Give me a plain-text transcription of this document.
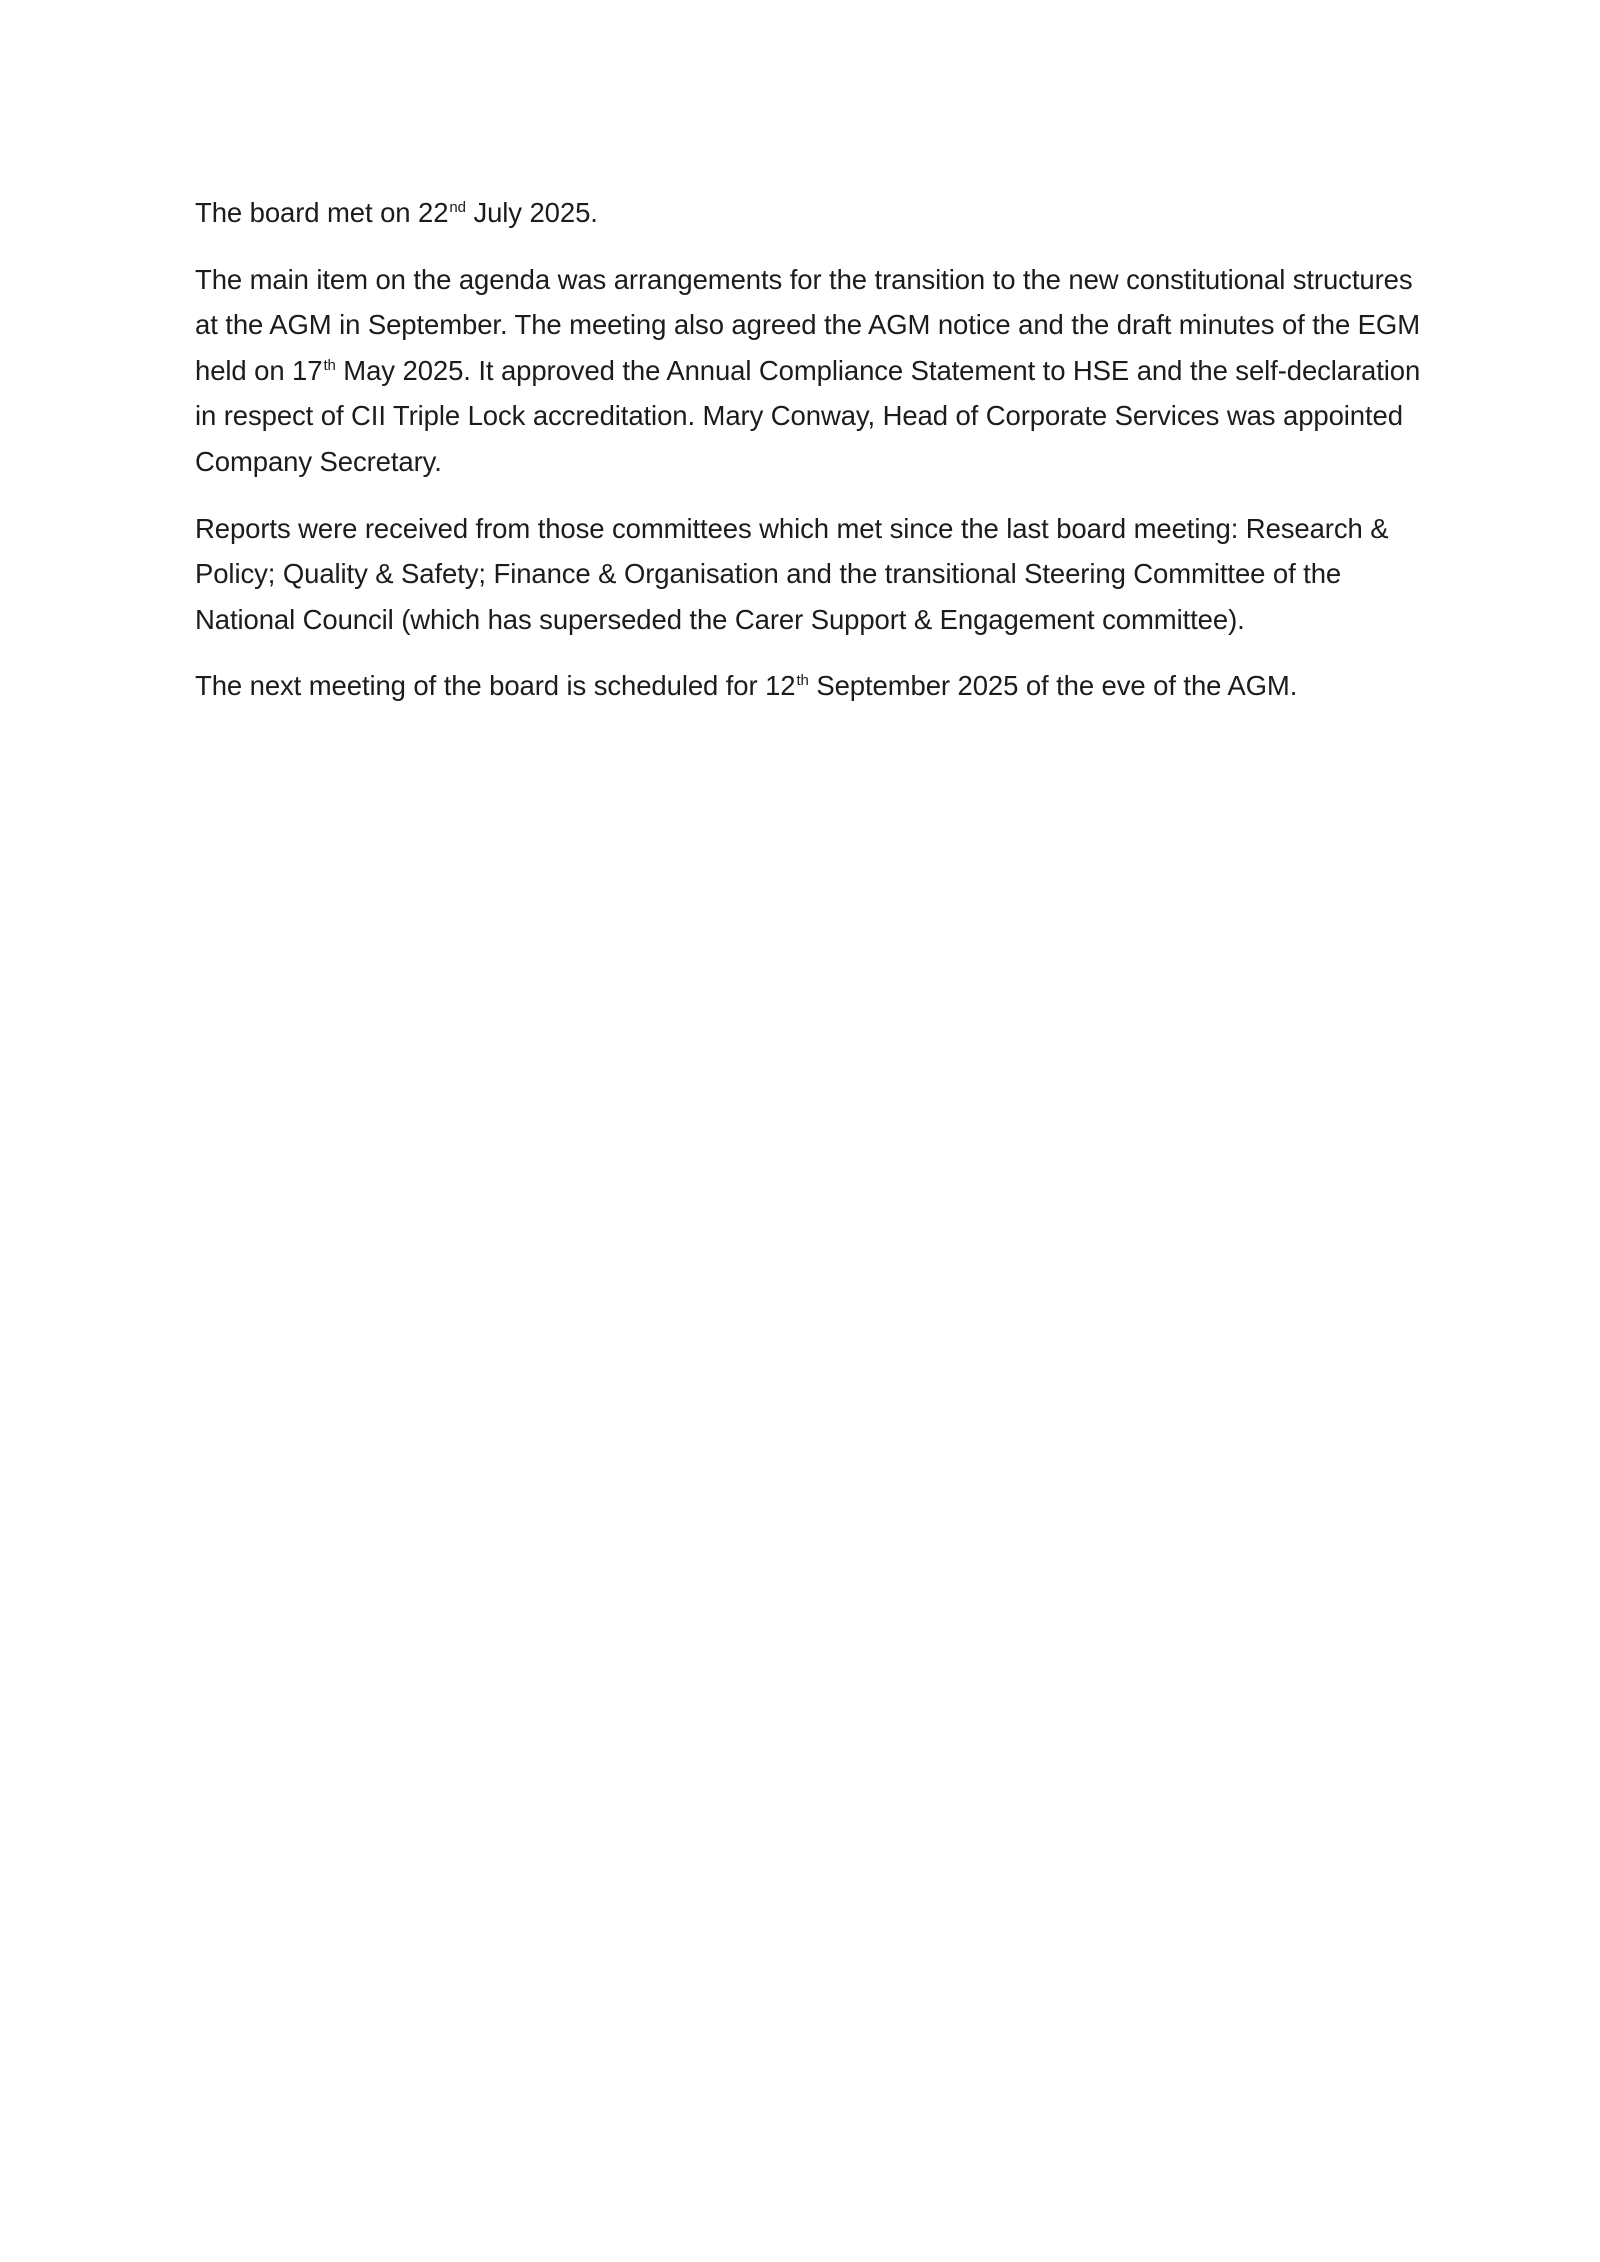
The board met on 22nd July 2025.

The main item on the agenda was arrangements for the transition to the new constitutional structures at the AGM in September. The meeting also agreed the AGM notice and the draft minutes of the EGM held on 17th May 2025. It approved the Annual Compliance Statement to HSE and the self-declaration in respect of CII Triple Lock accreditation. Mary Conway, Head of Corporate Services was appointed Company Secretary.

Reports were received from those committees which met since the last board meeting: Research & Policy; Quality & Safety; Finance & Organisation and the transitional Steering Committee of the National Council (which has superseded the Carer Support & Engagement committee).

The next meeting of the board is scheduled for 12th September 2025 of the eve of the AGM.
